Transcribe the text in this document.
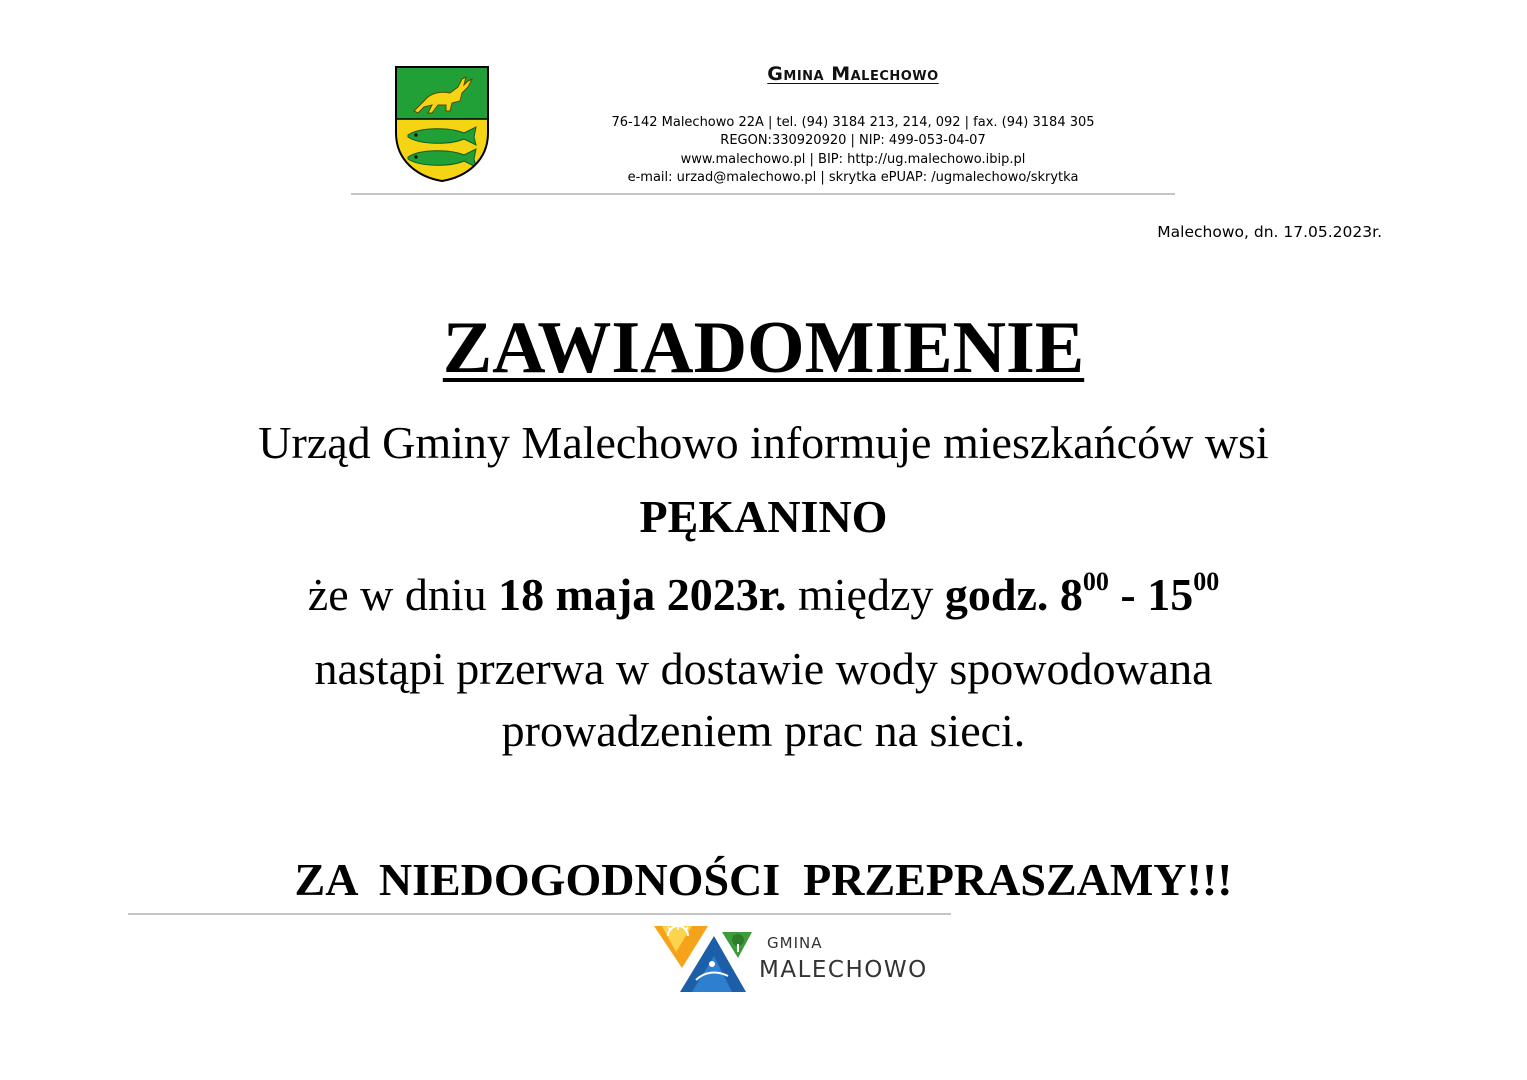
Gmina Malechowo
76-142 Malechowo 22A | tel. (94) 3184 213, 214, 092 | fax. (94) 3184 305
REGON:330920920 | NIP: 499-053-04-07
www.malechowo.pl | BIP: http://ug.malechowo.ibip.pl
e-mail: urzad@malechowo.pl | skrytka ePUAP: /ugmalechowo/skrytka
Malechowo, dn. 17.05.2023r.
ZAWIADOMIENIE
Urząd Gminy Malechowo informuje mieszkańców wsi
PĘKANINO
że w dniu 18 maja 2023r. między godz. $8^{00} - 15^{00}$
nastąpi przerwa w dostawie wody spowodowana
prowadzeniem prac na sieci.
ZA  NIEDOGODNOŚCI  PRZEPRASZAMY!!!
GMINA
MALECHOWO
